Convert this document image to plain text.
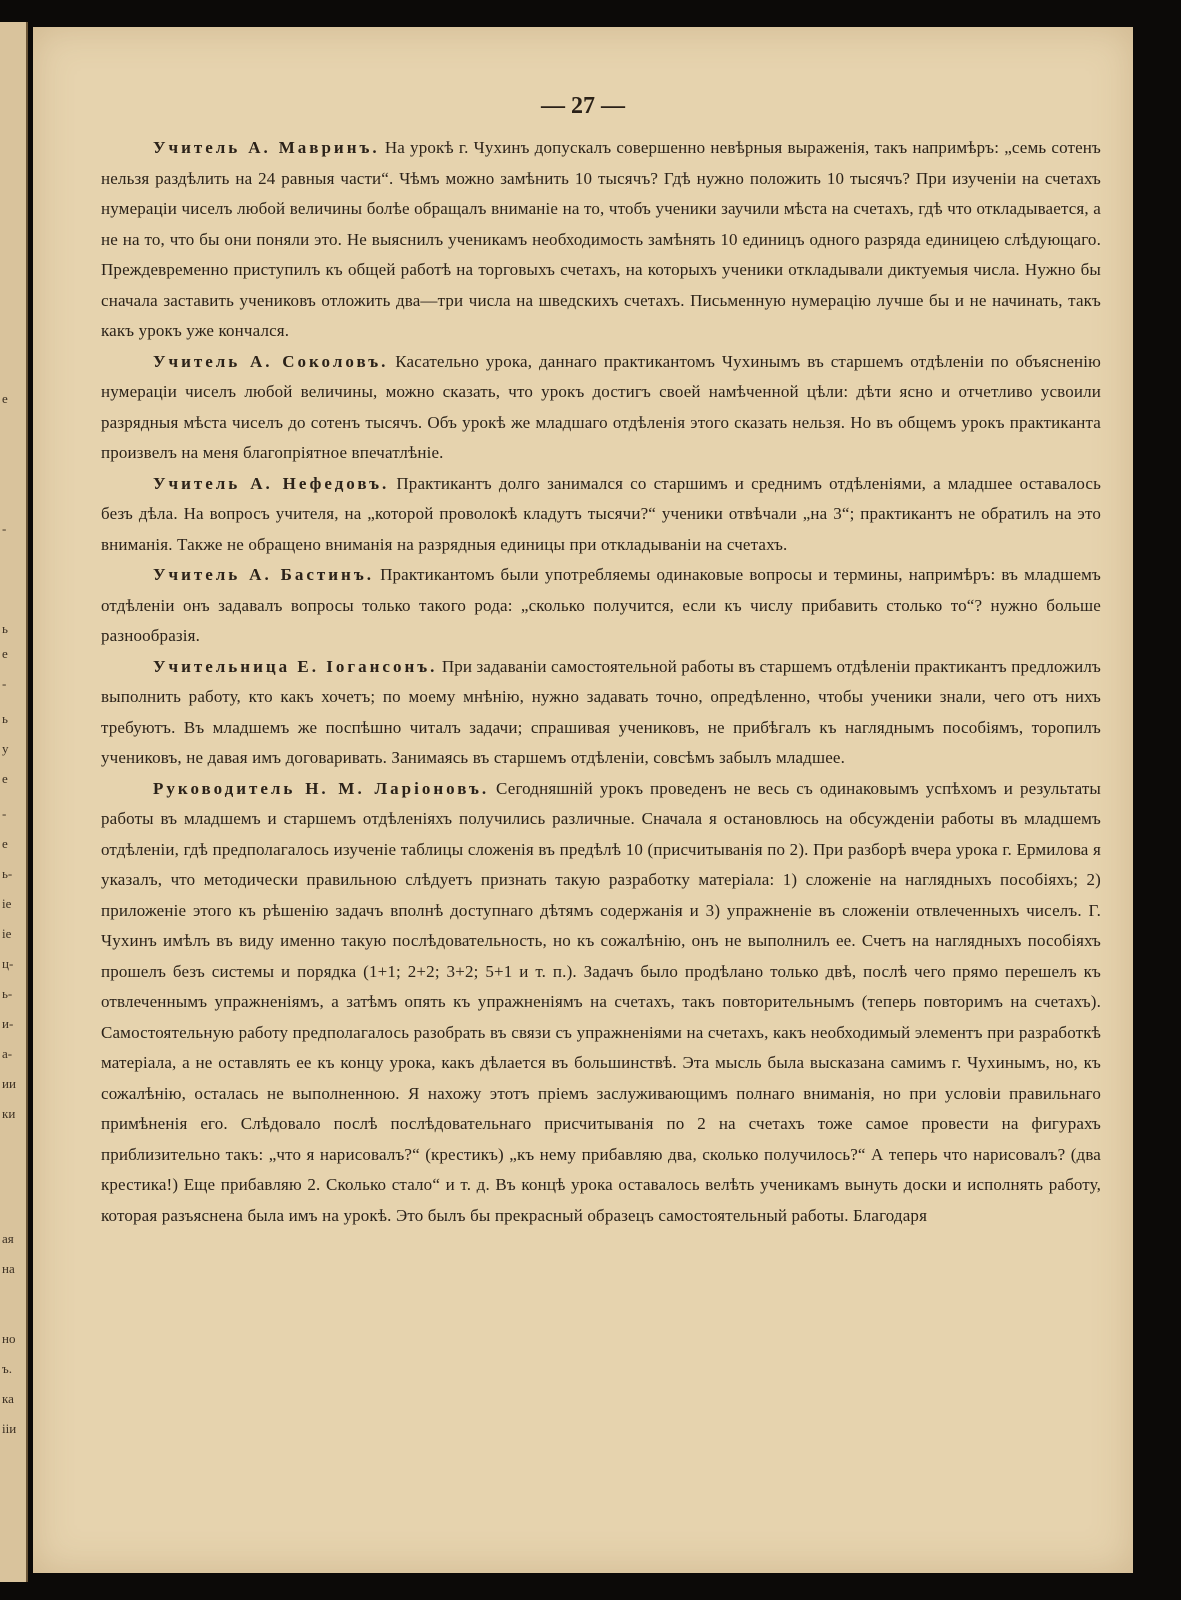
е
-
ь
е
-
ь
у
е
-
е
ь-
іе
іе
ц-
ь-
и-
а-
ии
ки
ая
на
но
ъ.
ка
ііи
— 27 —

Учитель А. Мавринъ. На урокѣ г. Чухинъ допускалъ совершенно невѣрныя выраженія, такъ напримѣръ: „семь сотенъ нельзя раздѣлить на 24 равныя части“. Чѣмъ можно замѣнить 10 тысячъ? Гдѣ нужно положить 10 тысячъ? При изученіи на счетахъ нумераціи чиселъ любой величины болѣе обращалъ вниманіе на то, чтобъ ученики заучили мѣста на счетахъ, гдѣ что откладывается, а не на то, что бы они поняли это. Не выяснилъ ученикамъ необходимость замѣнять 10 единицъ одного разряда единицею слѣдующаго. Преждевременно приступилъ къ общей работѣ на торговыхъ счетахъ, на которыхъ ученики откладывали диктуемыя числа. Нужно бы сначала заставить учениковъ отложить два—три числа на шведскихъ счетахъ. Письменную нумерацію лучше бы и не начинать, такъ какъ урокъ уже кончался.

Учитель А. Соколовъ. Касательно урока, даннаго практикантомъ Чухинымъ въ старшемъ отдѣленіи по объясненію нумераціи чиселъ любой величины, можно сказать, что урокъ достигъ своей намѣченной цѣли: дѣти ясно и отчетливо усвоили разрядныя мѣста чиселъ до сотенъ тысячъ. Объ урокѣ же младшаго отдѣленія этого сказать нельзя. Но въ общемъ урокъ практиканта произвелъ на меня благопріятное впечатлѣніе.

Учитель А. Нефедовъ. Практикантъ долго занимался со старшимъ и среднимъ отдѣленіями, а младшее оставалось безъ дѣла. На вопросъ учителя, на „которой проволокѣ кладутъ тысячи?“ ученики отвѣчали „на 3“; практикантъ не обратилъ на это вниманія. Также не обращено вниманія на разрядныя единицы при откладываніи на счетахъ.

Учитель А. Бастинъ. Практикантомъ были употребляемы одинаковые вопросы и термины, напримѣръ: въ младшемъ отдѣленіи онъ задавалъ вопросы только такого рода: „сколько получится, если къ числу прибавить столько то“? нужно больше разнообразія.

Учительница Е. Іогансонъ. При задаваніи самостоятельной работы въ старшемъ отдѣленіи практикантъ предложилъ выполнить работу, кто какъ хочетъ; по моему мнѣнію, нужно задавать точно, опредѣленно, чтобы ученики знали, чего отъ нихъ требуютъ. Въ младшемъ же поспѣшно читалъ задачи; спрашивая учениковъ, не прибѣгалъ къ нагляднымъ пособіямъ, торопилъ учениковъ, не давая имъ договаривать. Занимаясь въ старшемъ отдѣленіи, совсѣмъ забылъ младшее.

Руководитель Н. М. Ларіоновъ. Сегодняшній урокъ проведенъ не весь съ одинаковымъ успѣхомъ и результаты работы въ младшемъ и старшемъ отдѣленіяхъ получились различные. Сначала я остановлюсь на обсужденіи работы въ младшемъ отдѣленіи, гдѣ предполагалось изученіе таблицы сложенія въ предѣлѣ 10 (присчитыванія по 2). При разборѣ вчера урока г. Ермилова я указалъ, что методически правильною слѣдуетъ признать такую разработку матеріала: 1) сложеніе на наглядныхъ пособіяхъ; 2) приложеніе этого къ рѣшенію задачъ вполнѣ доступнаго дѣтямъ содержанія и 3) упражненіе въ сложеніи отвлеченныхъ чиселъ. Г. Чухинъ имѣлъ въ виду именно такую послѣдовательность, но къ сожалѣнію, онъ не выполнилъ ее. Счетъ на наглядныхъ пособіяхъ прошелъ безъ системы и порядка (1+1; 2+2; 3+2; 5+1 и т. п.). Задачъ было продѣлано только двѣ, послѣ чего прямо перешелъ къ отвлеченнымъ упражненіямъ, а затѣмъ опять къ упражненіямъ на счетахъ, такъ повторительнымъ (теперь повторимъ на счетахъ). Самостоятельную работу предполагалось разобрать въ связи съ упражненіями на счетахъ, какъ необходимый элементъ при разработкѣ матеріала, а не оставлять ее къ концу урока, какъ дѣлается въ большинствѣ. Эта мысль была высказана самимъ г. Чухинымъ, но, къ сожалѣнію, осталась не выполненною. Я нахожу этотъ пріемъ заслуживающимъ полнаго вниманія, но при условіи правильнаго примѣненія его. Слѣдовало послѣ послѣдовательнаго присчитыванія по 2 на счетахъ тоже самое провести на фигурахъ приблизительно такъ: „что я нарисовалъ?“ (крестикъ) „къ нему прибавляю два, сколько получилось?“ А теперь что нарисовалъ? (два крестика!) Еще прибавляю 2. Сколько стало“ и т. д. Въ концѣ урока оставалось велѣть ученикамъ вынуть доски и исполнять работу, которая разъяснена была имъ на урокѣ. Это былъ бы прекрасный образецъ самостоятельный работы. Благодаря
